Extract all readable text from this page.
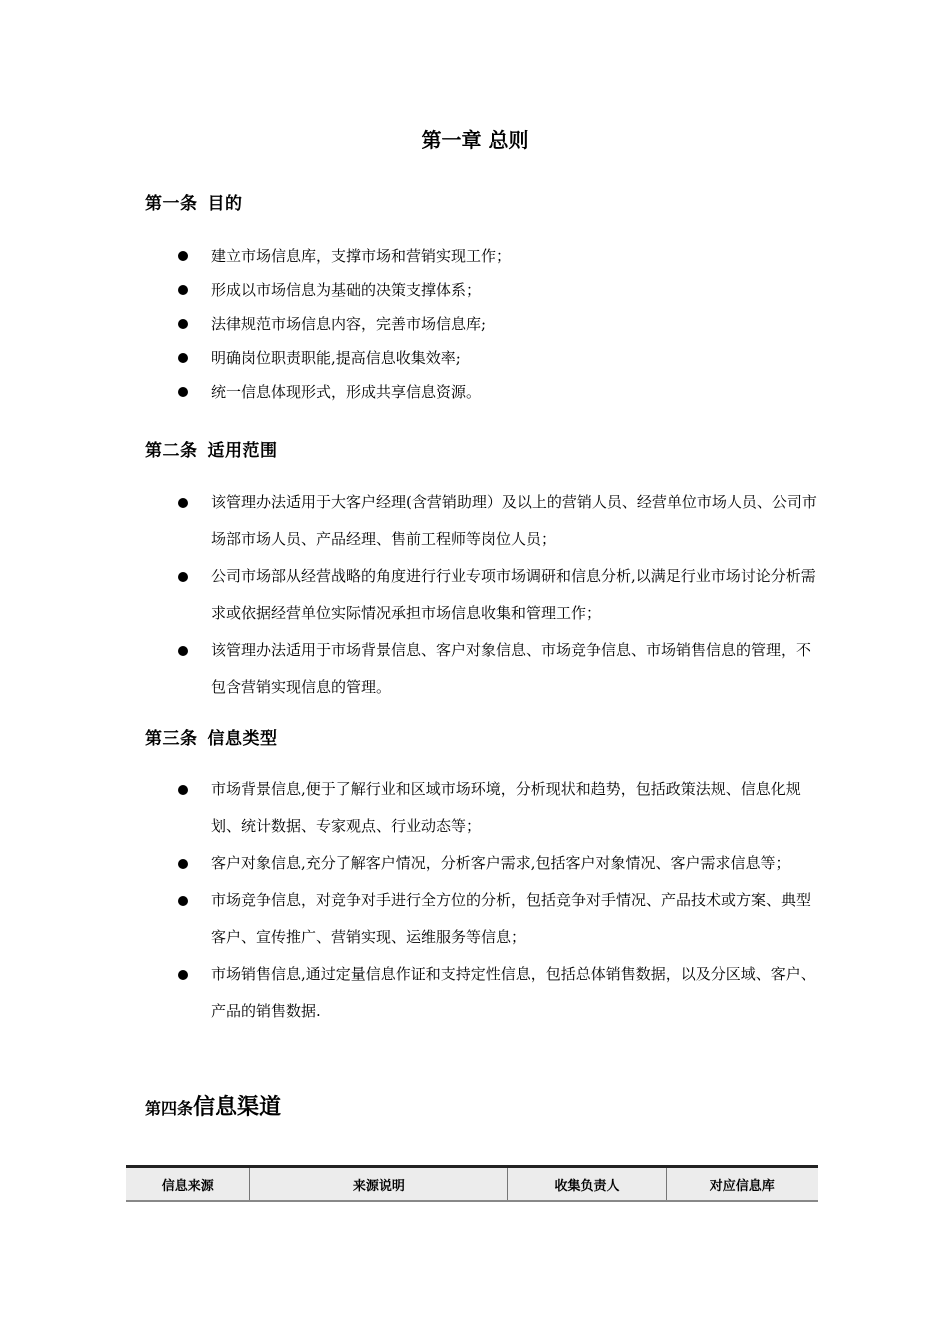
第一章 总则
第一条 目的
建立市场信息库，支撑市场和营销实现工作；
形成以市场信息为基础的决策支撑体系；
法律规范市场信息内容，完善市场信息库;
明确岗位职责职能,提高信息收集效率;
统一信息体现形式，形成共享信息资源。
第二条 适用范围
该管理办法适用于大客户经理(含营销助理）及以上的营销人员、经营单位市场人员、公司市场部市场人员、产品经理、售前工程师等岗位人员；
公司市场部从经营战略的角度进行行业专项市场调研和信息分析,以满足行业市场讨论分析需求或依据经营单位实际情况承担市场信息收集和管理工作；
该管理办法适用于市场背景信息、客户对象信息、市场竞争信息、市场销售信息的管理，不包含营销实现信息的管理。
第三条 信息类型
市场背景信息,便于了解行业和区域市场环境，分析现状和趋势，包括政策法规、信息化规划、统计数据、专家观点、行业动态等；
客户对象信息,充分了解客户情况，分析客户需求,包括客户对象情况、客户需求信息等；
市场竞争信息，对竞争对手进行全方位的分析，包括竞争对手情况、产品技术或方案、典型客户、宣传推广、营销实现、运维服务等信息；
市场销售信息,通过定量信息作证和支持定性信息，包括总体销售数据，以及分区域、客户、产品的销售数据.
第四条信息渠道
信息来源	来源说明	收集负责人	对应信息库
